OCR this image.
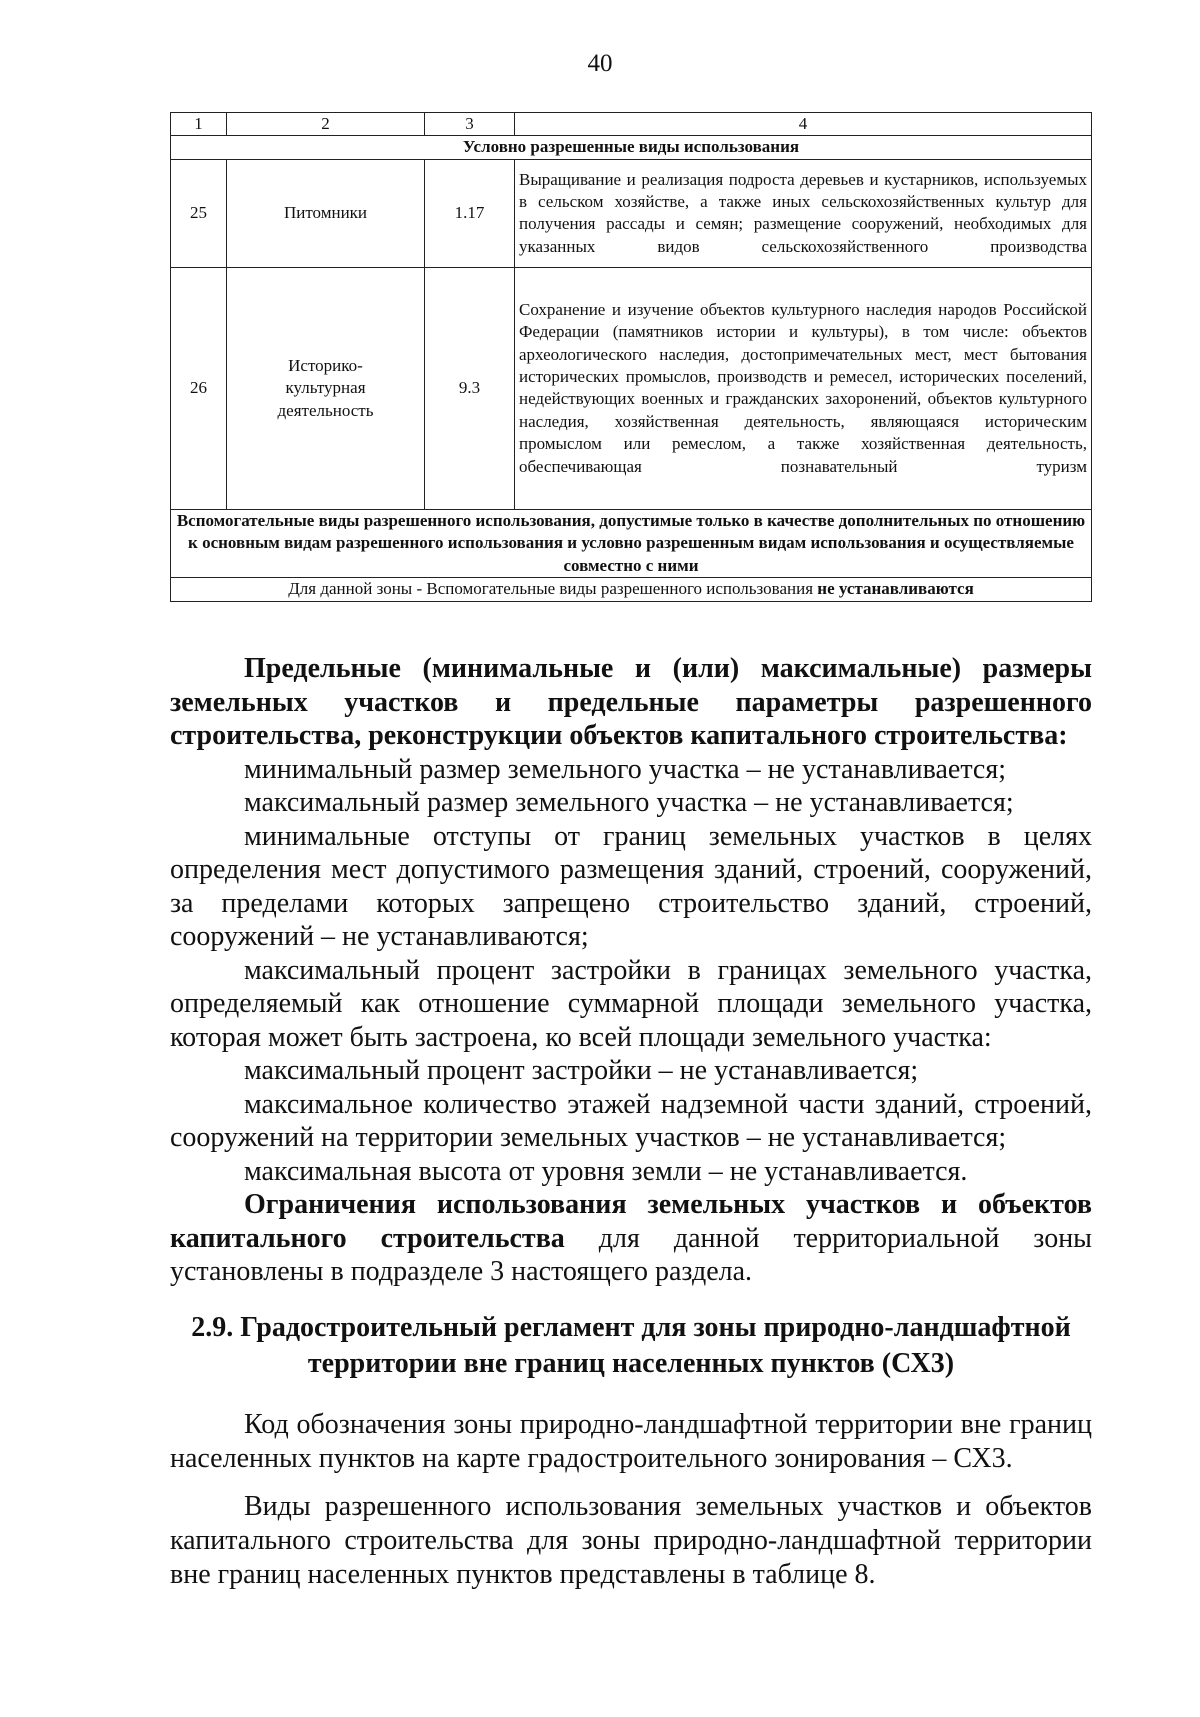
40
1	2	3	4
Условно разрешенные виды использования			
25	Питомники	1.17	Выращивание и реализация подроста деревьев и кустарников, используемых в сельском хозяйстве, а также иных сельскохозяйственных культур для получения рассады и семян; размещение сооружений, необходимых для указанных видов сельскохозяйственного производства
26	Историко-культурная деятельность	9.3	Сохранение и изучение объектов культурного наследия народов Российской Федерации (памятников истории и культуры), в том числе: объектов археологического наследия, достопримечательных мест, мест бытования исторических промыслов, производств и ремесел, исторических поселений, недействующих военных и гражданских захоронений, объектов культурного наследия, хозяйственная деятельность, являющаяся историческим промыслом или ремеслом, а также хозяйственная деятельность, обеспечивающая познавательный туризм
Вспомогательные виды разрешенного использования, допустимые только в качестве дополнительных по отношению к основным видам разрешенного использования и условно разрешенным видам использования и осуществляемые совместно с ними			
Для данной зоны - Вспомогательные виды разрешенного использования не устанавливаются			

Предельные (минимальные и (или) максимальные) размеры земельных участков и предельные параметры разрешенного строительства, реконструкции объектов капитального строительства:

минимальный размер земельного участка – не устанавливается;

максимальный размер земельного участка – не устанавливается;

минимальные отступы от границ земельных участков в целях определения мест допустимого размещения зданий, строений, сооружений, за пределами которых запрещено строительство зданий, строений, сооружений – не устанавливаются;

максимальный процент застройки в границах земельного участка, определяемый как отношение суммарной площади земельного участка, которая может быть застроена, ко всей площади земельного участка:

максимальный процент застройки – не устанавливается;

максимальное количество этажей надземной части зданий, строений, сооружений на территории земельных участков – не устанавливается;

максимальная высота от уровня земли – не устанавливается.

Ограничения использования земельных участков и объектов капитального строительства для данной территориальной зоны установлены в подразделе 3 настоящего раздела.

2.9. Градостроительный регламент для зоны природно-ландшафтной
территории вне границ населенных пунктов (СХ3)

Код обозначения зоны природно-ландшафтной территории вне границ населенных пунктов на карте градостроительного зонирования – СХ3.

Виды разрешенного использования земельных участков и объектов капитального строительства для зоны природно-ландшафтной территории вне границ населенных пунктов представлены в таблице 8.
